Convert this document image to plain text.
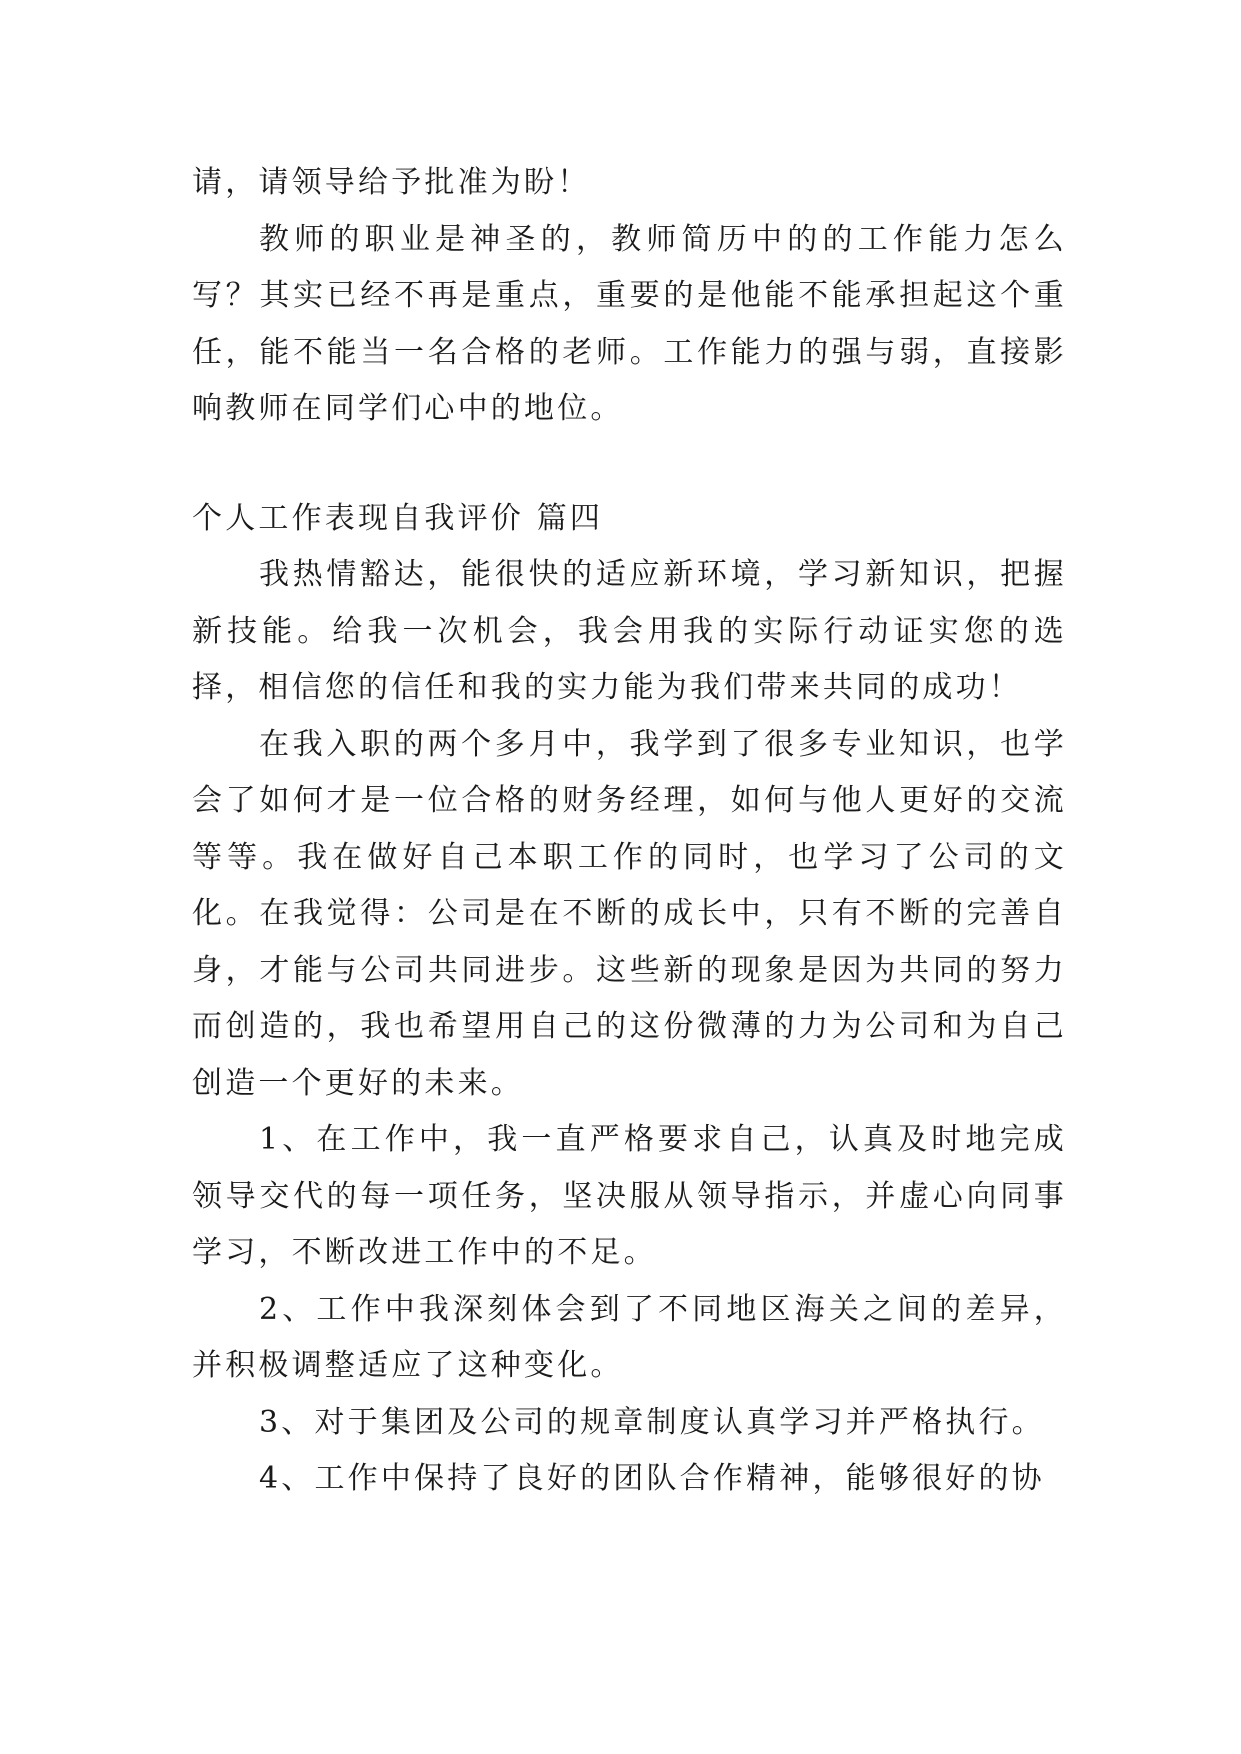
请，请领导给予批准为盼！

教师的职业是神圣的，教师简历中的的工作能力怎么写？其实已经不再是重点，重要的是他能不能承担起这个重任，能不能当一名合格的老师。工作能力的强与弱，直接影响教师在同学们心中的地位。

个人工作表现自我评价 篇四

我热情豁达，能很快的适应新环境，学习新知识，把握新技能。给我一次机会，我会用我的实际行动证实您的选择，相信您的信任和我的实力能为我们带来共同的成功！

在我入职的两个多月中，我学到了很多专业知识，也学会了如何才是一位合格的财务经理，如何与他人更好的交流等等。我在做好自己本职工作的同时，也学习了公司的文化。在我觉得：公司是在不断的成长中，只有不断的完善自身，才能与公司共同进步。这些新的现象是因为共同的努力而创造的，我也希望用自己的这份微薄的力为公司和为自己创造一个更好的未来。

1、在工作中，我一直严格要求自己，认真及时地完成领导交代的每一项任务，坚决服从领导指示，并虚心向同事学习，不断改进工作中的不足。

2、工作中我深刻体会到了不同地区海关之间的差异，并积极调整适应了这种变化。

3、对于集团及公司的规章制度认真学习并严格执行。

4、工作中保持了良好的团队合作精神，能够很好的协
